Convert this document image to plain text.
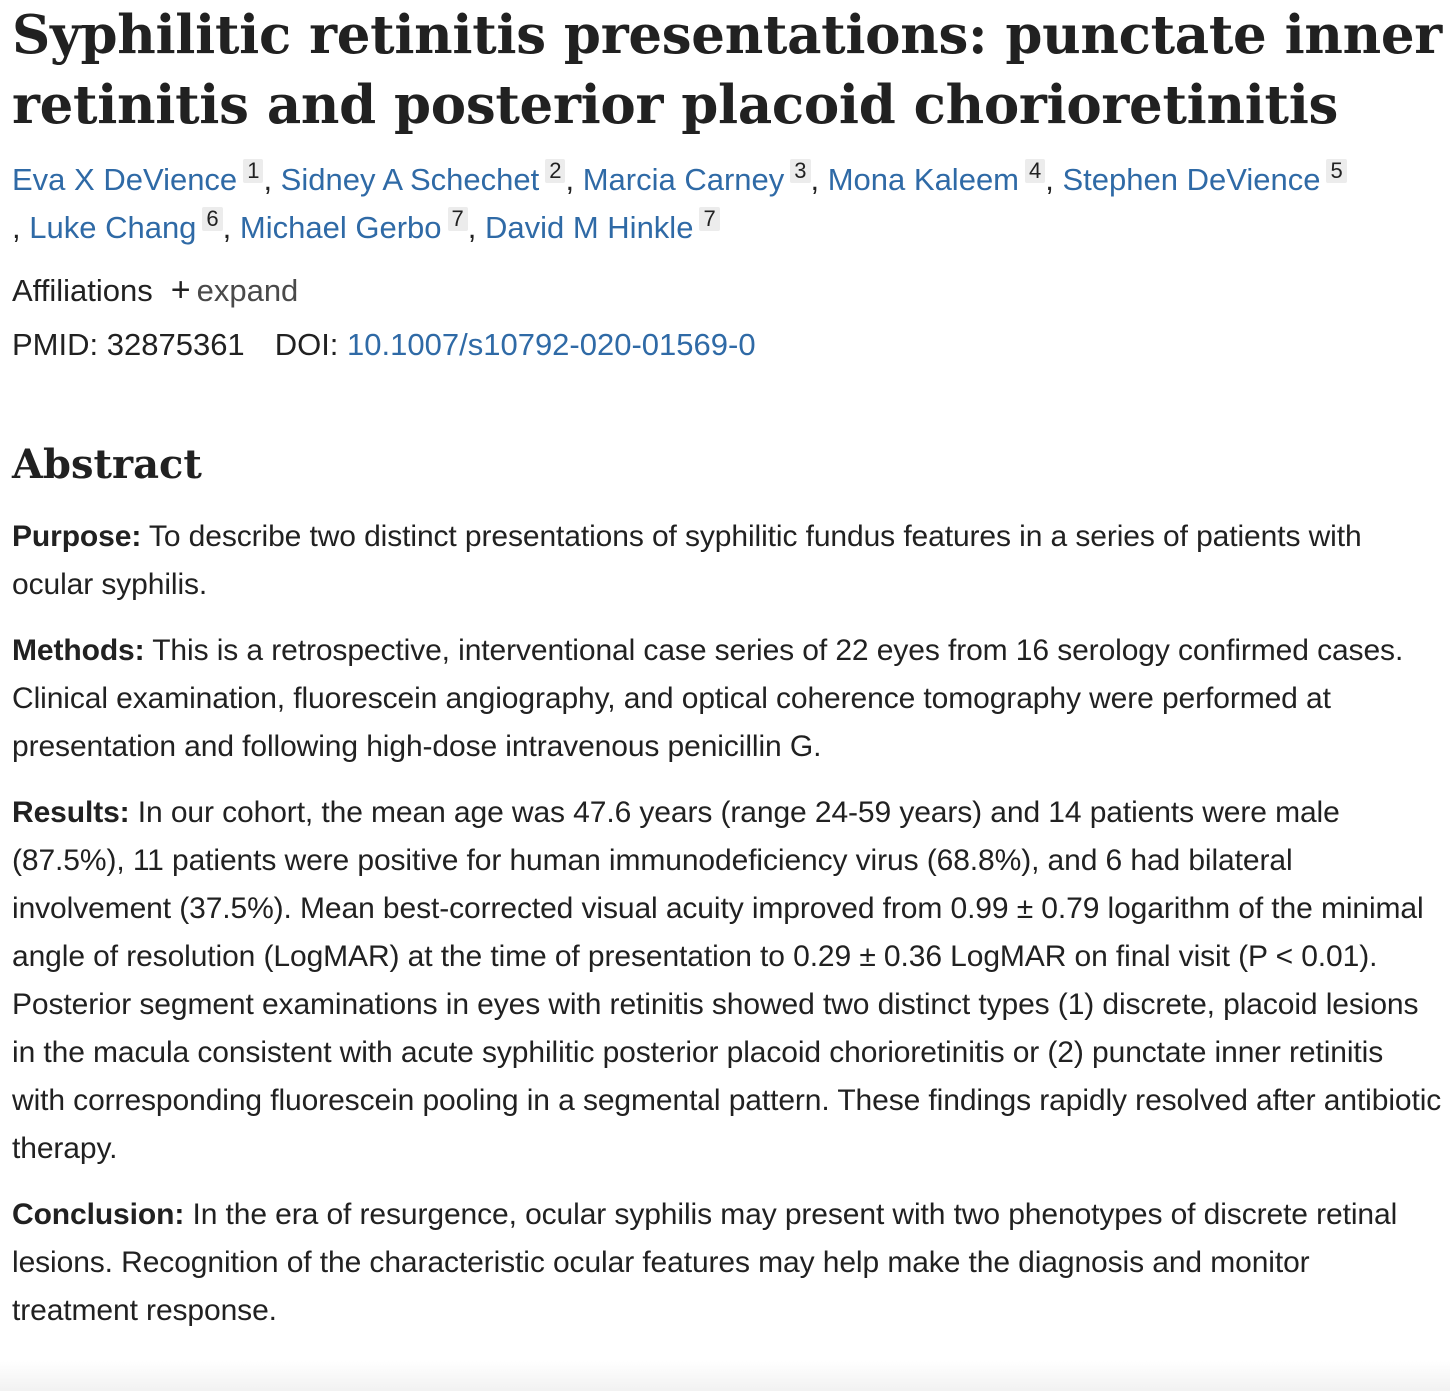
Syphilitic retinitis presentations: punctate inner retinitis and posterior placoid chorioretinitis
Eva X DeVience 1 , Sidney A Schechet 2 , Marcia Carney 3 , Mona Kaleem 4 , Stephen DeVience 5
, Luke Chang 6 , Michael Gerbo 7 , David M Hinkle 7
Affiliations + expand
PMID: 32875361 DOI: 10.1007/s10792-020-01569-0
Abstract

Purpose: To describe two distinct presentations of syphilitic fundus features in a series of patients with ocular syphilis.

Methods: This is a retrospective, interventional case series of 22 eyes from 16 serology confirmed cases. Clinical examination, fluorescein angiography, and optical coherence tomography were performed at presentation and following high-dose intravenous penicillin G.

Results: In our cohort, the mean age was 47.6 years (range 24-59 years) and 14 patients were male (87.5%), 11 patients were positive for human immunodeficiency virus (68.8%), and 6 had bilateral involvement (37.5%). Mean best-corrected visual acuity improved from 0.99 ± 0.79 logarithm of the minimal angle of resolution (LogMAR) at the time of presentation to 0.29 ± 0.36 LogMAR on final visit (P < 0.01). Posterior segment examinations in eyes with retinitis showed two distinct types (1) discrete, placoid lesions in the macula consistent with acute syphilitic posterior placoid chorioretinitis or (2) punctate inner retinitis with corresponding fluorescein pooling in a segmental pattern. These findings rapidly resolved after antibiotic therapy.

Conclusion: In the era of resurgence, ocular syphilis may present with two phenotypes of discrete retinal lesions. Recognition of the characteristic ocular features may help make the diagnosis and monitor treatment response.
